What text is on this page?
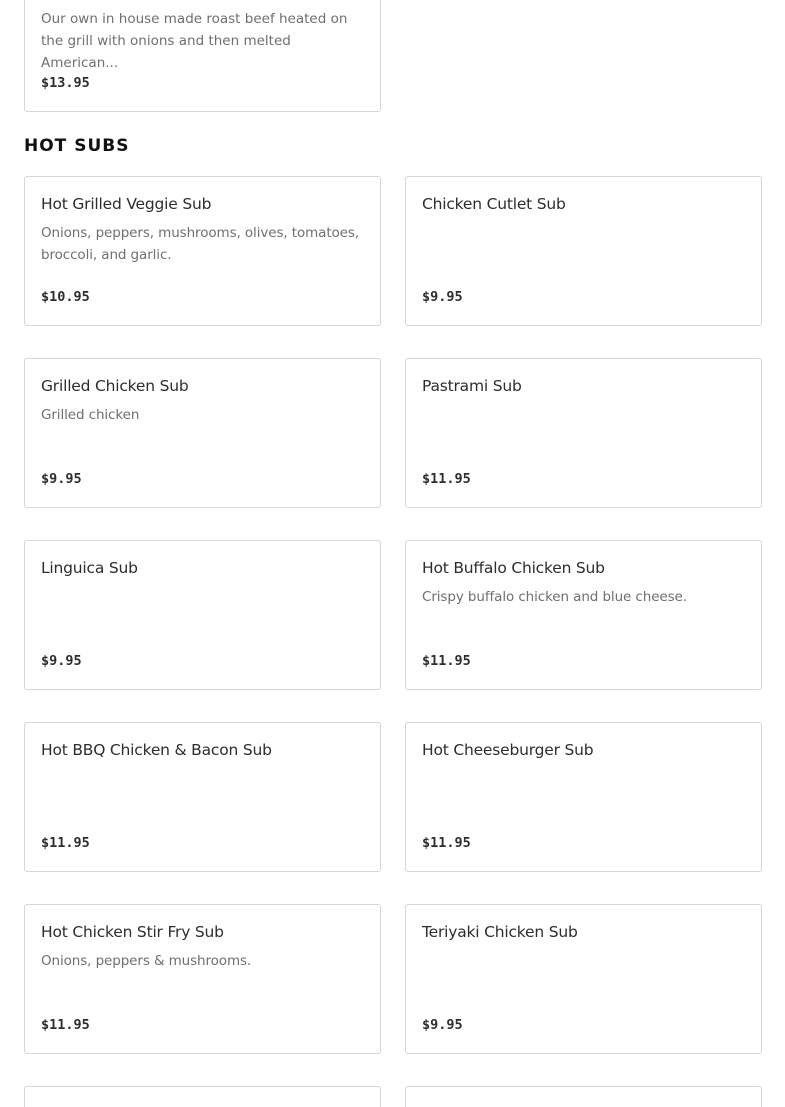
Our own in house made roast beef heated on the grill with onions and then melted American...
$13.95
HOT SUBS
Hot Grilled Veggie Sub
Onions, peppers, mushrooms, olives, tomatoes, broccoli, and garlic.
$10.95
Chicken Cutlet Sub
$9.95
Grilled Chicken Sub
Grilled chicken
$9.95
Pastrami Sub
$11.95
Linguica Sub
$9.95
Hot Buffalo Chicken Sub
Crispy buffalo chicken and blue cheese.
$11.95
Hot BBQ Chicken & Bacon Sub
$11.95
Hot Cheeseburger Sub
$11.95
Hot Chicken Stir Fry Sub
Onions, peppers & mushrooms.
$11.95
Teriyaki Chicken Sub
$9.95
